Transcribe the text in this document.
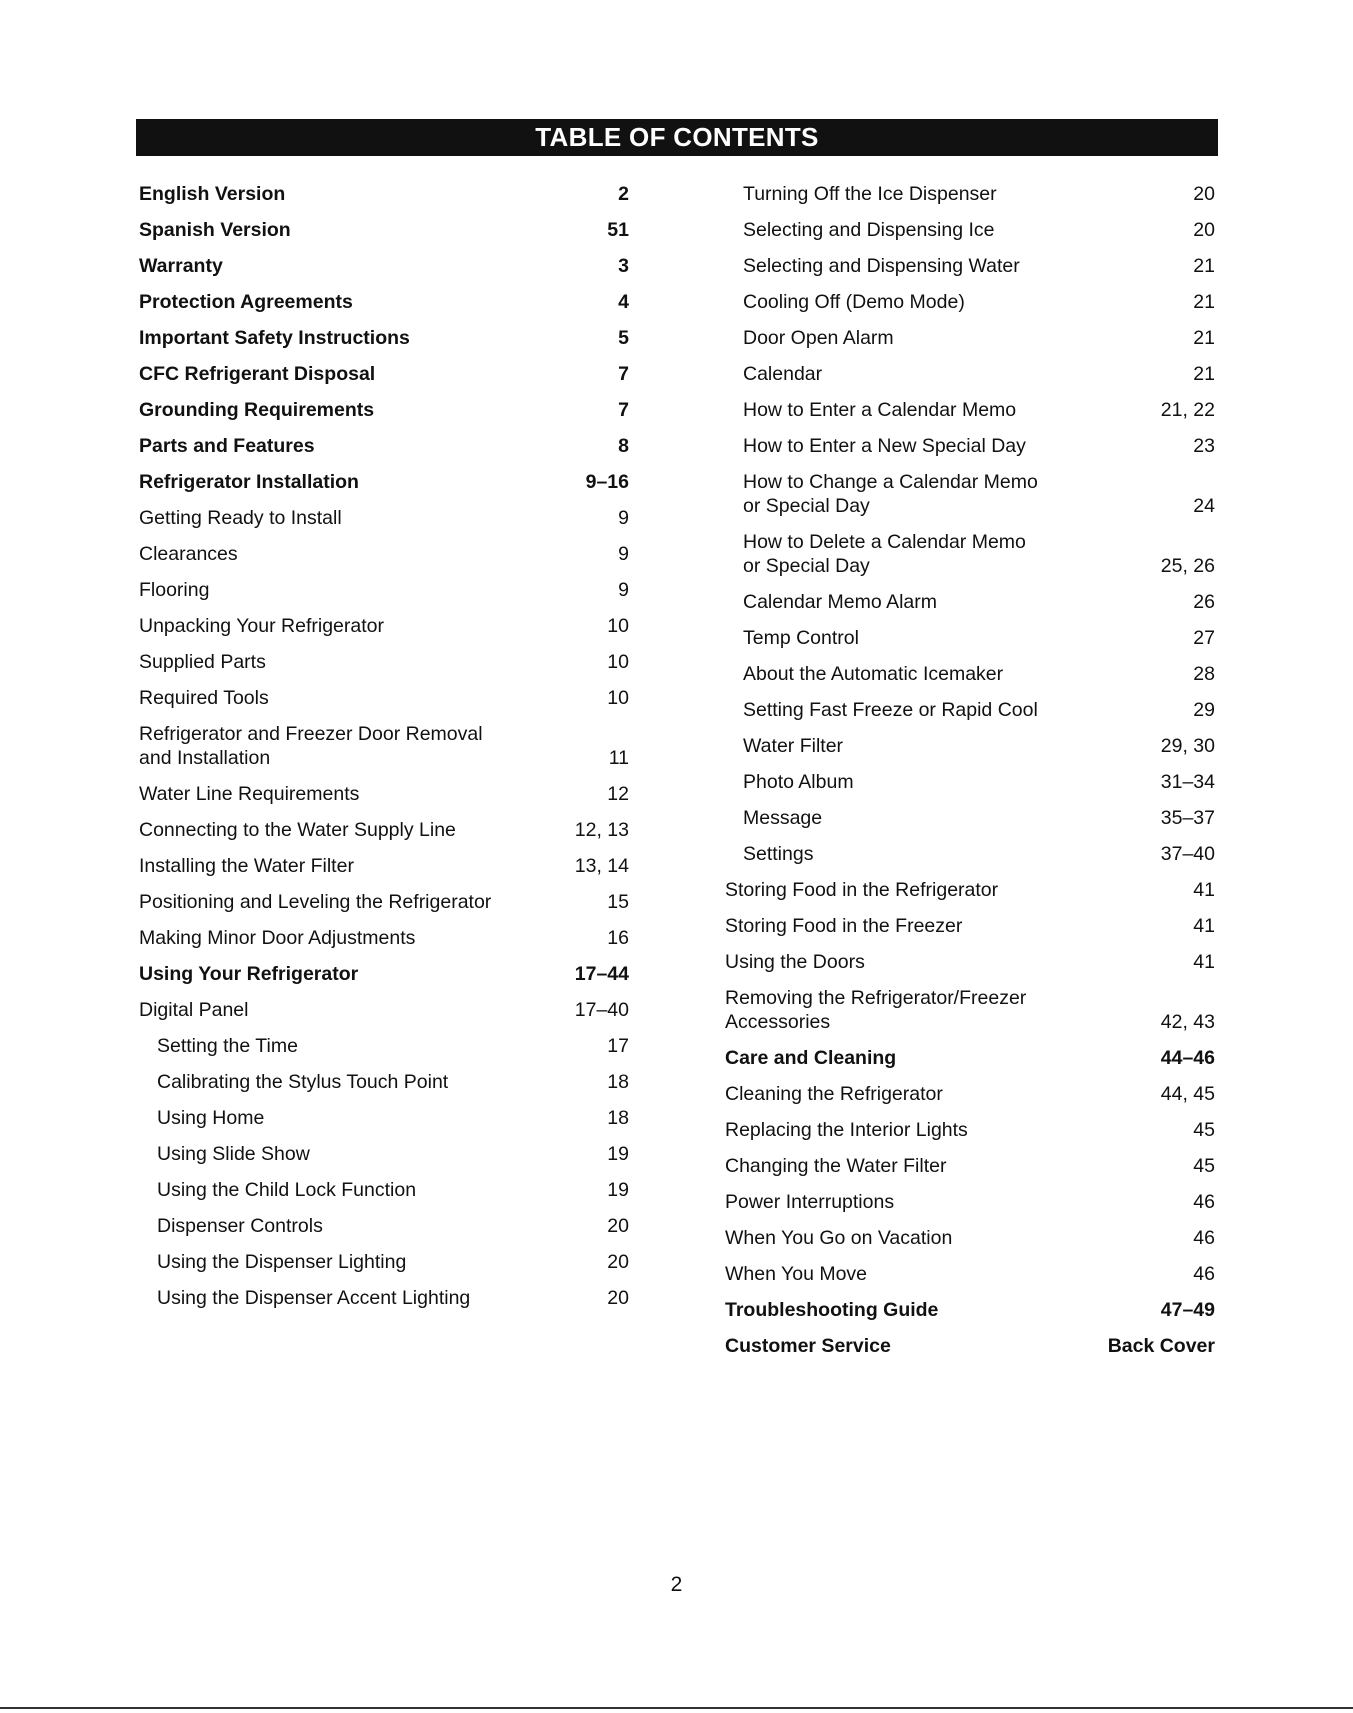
TABLE OF CONTENTS
English Version	2
Spanish Version	51
Warranty	3
Protection Agreements	4
Important Safety Instructions	5
CFC Refrigerant Disposal	7
Grounding Requirements	7
Parts and Features	8
Refrigerator Installation	9–16
Getting Ready to Install	9
Clearances	9
Flooring	9
Unpacking Your Refrigerator	10
Supplied Parts	10
Required Tools	10
Refrigerator and Freezer Door Removal
and Installation	11
Water Line Requirements	12
Connecting to the Water Supply Line	12, 13
Installing the Water Filter	13, 14
Positioning and Leveling the Refrigerator	15
Making Minor Door Adjustments	16
Using Your Refrigerator	17–44
Digital Panel	17–40
Setting the Time	17
Calibrating the Stylus Touch Point	18
Using Home	18
Using Slide Show	19
Using the Child Lock Function	19
Dispenser Controls	20
Using the Dispenser Lighting	20
Using the Dispenser Accent Lighting	20
Turning Off the Ice Dispenser	20
Selecting and Dispensing Ice	20
Selecting and Dispensing Water	21
Cooling Off (Demo Mode)	21
Door Open Alarm	21
Calendar	21
How to Enter a Calendar Memo	21, 22
How to Enter a New Special Day	23
How to Change a Calendar Memo
or Special Day	24
How to Delete a Calendar Memo
or Special Day	25, 26
Calendar Memo Alarm	26
Temp Control	27
About the Automatic Icemaker	28
Setting Fast Freeze or Rapid Cool	29
Water Filter	29, 30
Photo Album	31–34
Message	35–37
Settings	37–40
Storing Food in the Refrigerator	41
Storing Food in the Freezer	41
Using the Doors	41
Removing the Refrigerator/Freezer
Accessories	42, 43
Care and Cleaning	44–46
Cleaning the Refrigerator	44, 45
Replacing the Interior Lights	45
Changing the Water Filter	45
Power Interruptions	46
When You Go on Vacation	46
When You Move	46
Troubleshooting Guide	47–49
Customer Service	Back Cover
2
